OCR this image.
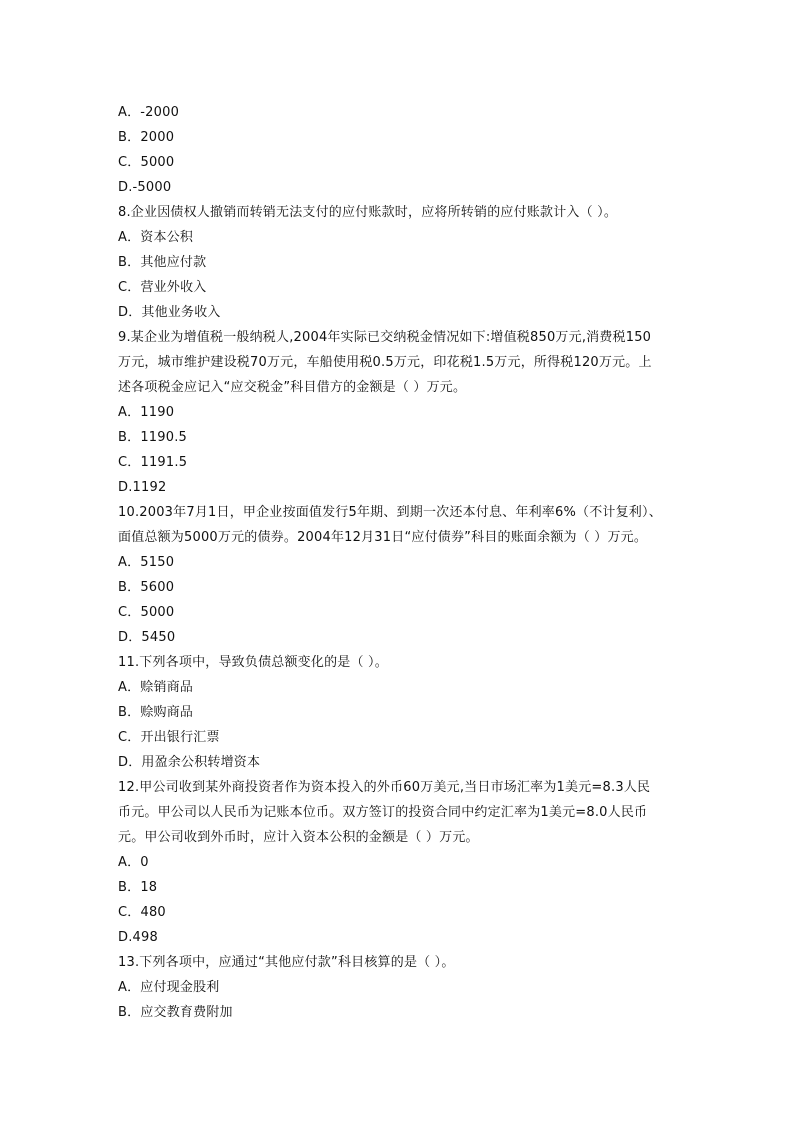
A．-2000
B．2000
C．5000
D.-5000
8.企业因债权人撤销而转销无法支付的应付账款时，应将所转销的应付账款计入（ ）。
A．资本公积
B．其他应付款
C．营业外收入
D．其他业务收入
9.某企业为增值税一般纳税人,2004年实际已交纳税金情况如下:增值税850万元,消费税150
万元，城市维护建设税70万元，车船使用税0.5万元，印花税1.5万元，所得税120万元。上
述各项税金应记入“应交税金”科目借方的金额是（ ）万元。
A．1190
B．1190.5
C．1191.5
D.1192
10.2003年7月1日，甲企业按面值发行5年期、到期一次还本付息、年利率6%（不计复利）、
面值总额为5000万元的债券。2004年12月31日“应付债券”科目的账面余额为（ ）万元。
A．5150
B．5600
C．5000
D．5450
11.下列各项中，导致负债总额变化的是（ ）。
A．赊销商品
B．赊购商品
C．开出银行汇票
D．用盈余公积转增资本
12.甲公司收到某外商投资者作为资本投入的外币60万美元,当日市场汇率为1美元=8.3人民
币元。甲公司以人民币为记账本位币。双方签订的投资合同中约定汇率为1美元=8.0人民币
元。甲公司收到外币时，应计入资本公积的金额是（ ）万元。
A．0
B．18
C．480
D.498
13.下列各项中，应通过“其他应付款”科目核算的是（ ）。
A．应付现金股利
B．应交教育费附加
